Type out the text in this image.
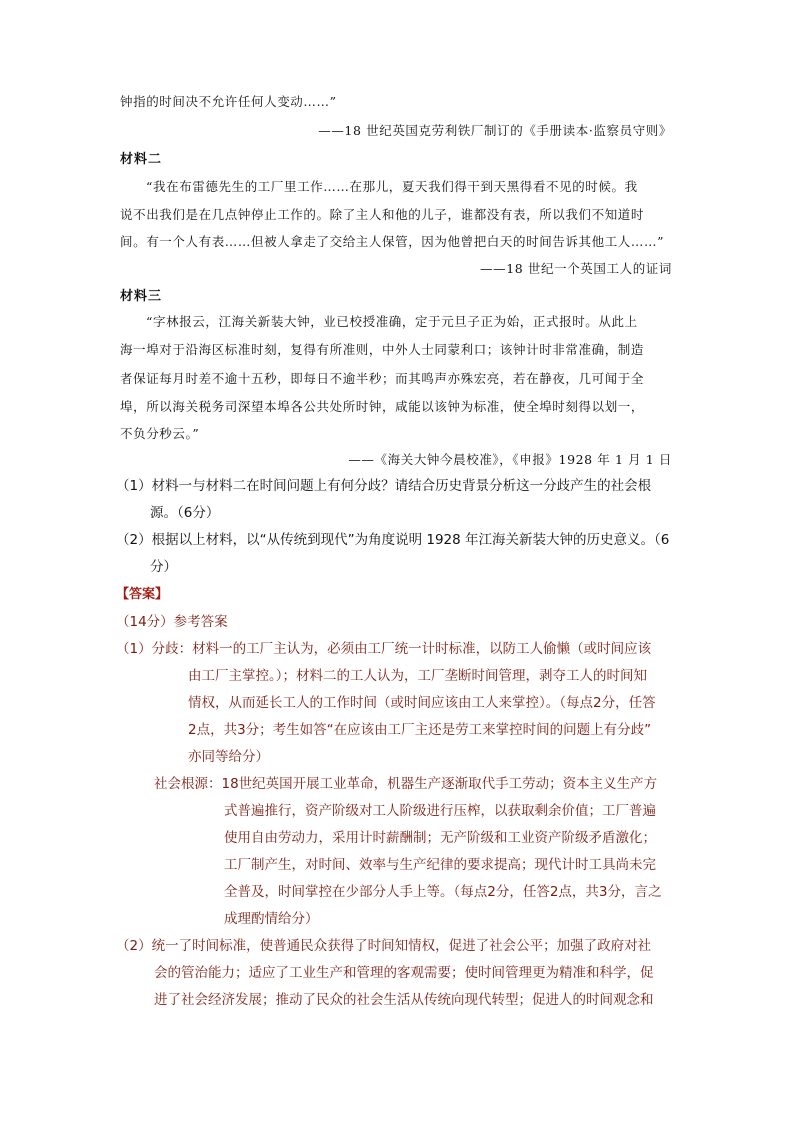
钟指的时间决不允许任何人变动……”
——18 世纪英国克劳利铁厂制订的《手册读本·监察员守则》
材料二
“我在布雷德先生的工厂里工作……在那儿，夏天我们得干到天黑得看不见的时候。我
说不出我们是在几点钟停止工作的。除了主人和他的儿子，谁都没有表，所以我们不知道时
间。有一个人有表……但被人拿走了交给主人保管，因为他曾把白天的时间告诉其他工人……”
——18 世纪一个英国工人的证词
材料三
“字林报云，江海关新装大钟，业已校授准确，定于元旦子正为始，正式报时。从此上
海一埠对于沿海区标准时刻，复得有所准则，中外人士同蒙利口；该钟计时非常准确，制造
者保证每月时差不逾十五秒，即每日不逾半秒；而其鸣声亦殊宏亮，若在静夜，几可闻于全
埠，所以海关税务司深望本埠各公共处所时钟，咸能以该钟为标准，使全埠时刻得以划一，
不负分秒云。”
——《海关大钟今晨校准》，《申报》1928 年 1 月 1 日
（1）材料一与材料二在时间问题上有何分歧？请结合历史背景分析这一分歧产生的社会根
源。（6分）
（2）根据以上材料，以“从传统到现代”为角度说明 1928 年江海关新装大钟的历史意义。（6
分）
【答案】
（14分）参考答案
（1）分歧：材料一的工厂主认为，必须由工厂统一计时标准，以防工人偷懒（或时间应该
由工厂主掌控。）；材料二的工人认为，工厂垄断时间管理，剥夺工人的时间知
情权，从而延长工人的工作时间（或时间应该由工人来掌控）。（每点2分，任答
2点，共3分；考生如答“在应该由工厂主还是劳工来掌控时间的问题上有分歧”
亦同等给分）
社会根源：18世纪英国开展工业革命，机器生产逐渐取代手工劳动；资本主义生产方
式普遍推行，资产阶级对工人阶级进行压榨，以获取剩余价值；工厂普遍
使用自由劳动力，采用计时薪酬制；无产阶级和工业资产阶级矛盾激化；
工厂制产生，对时间、效率与生产纪律的要求提高；现代计时工具尚未完
全普及，时间掌控在少部分人手上等。（每点2分，任答2点，共3分，言之
成理酌情给分）
（2）统一了时间标准，使普通民众获得了时间知情权，促进了社会公平；加强了政府对社
会的管治能力；适应了工业生产和管理的客观需要；使时间管理更为精准和科学，促
进了社会经济发展；推动了民众的社会生活从传统向现代转型；促进人的时间观念和
